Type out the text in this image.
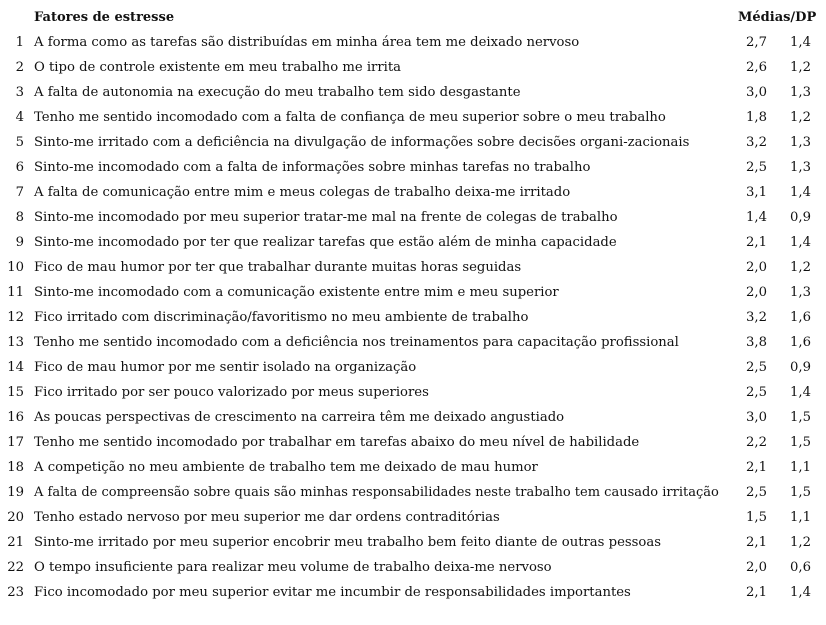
Fatores de estresse	Médias/DP
1 A forma como as tarefas são distribuídas em minha área tem me deixado nervoso	2,7	1,4
2 O tipo de controle existente em meu trabalho me irrita	2,6	1,2
3 A falta de autonomia na execução do meu trabalho tem sido desgastante	3,0	1,3
4 Tenho me sentido incomodado com a falta de confiança de meu superior sobre o meu trabalho	1,8	1,2
5 Sinto-me irritado com a deficiência na divulgação de informações sobre decisões organi-zacionais	3,2	1,3
6 Sinto-me incomodado com a falta de informações sobre minhas tarefas no trabalho	2,5	1,3
7 A falta de comunicação entre mim e meus colegas de trabalho deixa-me irritado	3,1	1,4
8 Sinto-me incomodado por meu superior tratar-me mal na frente de colegas de trabalho	1,4	0,9
9 Sinto-me incomodado por ter que realizar tarefas que estão além de minha capacidade	2,1	1,4
10 Fico de mau humor por ter que trabalhar durante muitas horas seguidas	2,0	1,2
11 Sinto-me incomodado com a comunicação existente entre mim e meu superior	2,0	1,3
12 Fico irritado com discriminação/favoritismo no meu ambiente de trabalho	3,2	1,6
13 Tenho me sentido incomodado com a deficiência nos treinamentos para capacitação profissional	3,8	1,6
14 Fico de mau humor por me sentir isolado na organização	2,5	0,9
15 Fico irritado por ser pouco valorizado por meus superiores	2,5	1,4
16 As poucas perspectivas de crescimento na carreira têm me deixado angustiado	3,0	1,5
17 Tenho me sentido incomodado por trabalhar em tarefas abaixo do meu nível de habilidade	2,2	1,5
18 A competição no meu ambiente de trabalho tem me deixado de mau humor	2,1	1,1
19 A falta de compreensão sobre quais são minhas responsabilidades neste trabalho tem causado irritação	2,5	1,5
20 Tenho estado nervoso por meu superior me dar ordens contraditórias	1,5	1,1
21 Sinto-me irritado por meu superior encobrir meu trabalho bem feito diante de outras pessoas	2,1	1,2
22 O tempo insuficiente para realizar meu volume de trabalho deixa-me nervoso	2,0	0,6
23 Fico incomodado por meu superior evitar me incumbir de responsabilidades importantes	2,1	1,4
